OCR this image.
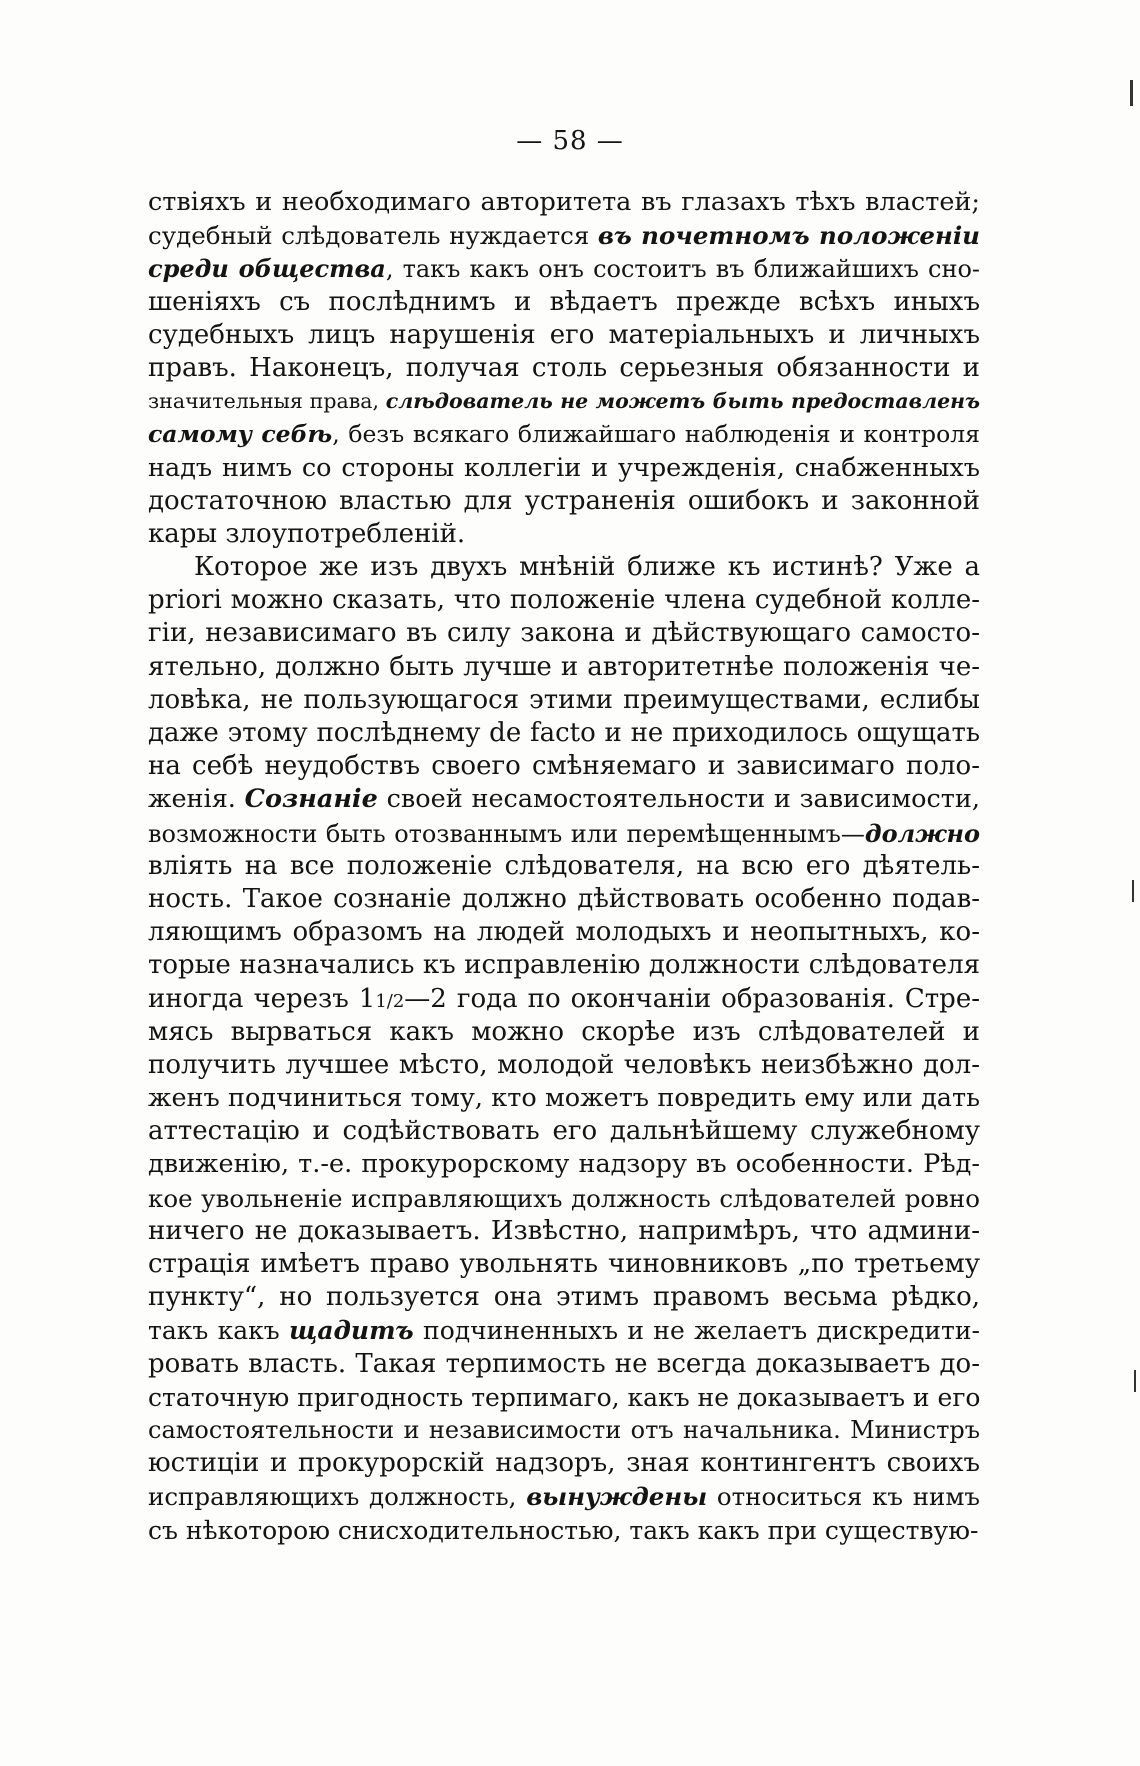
— 58 —
ствіяхъ и необходимаго авторитета въ глазахъ тѣхъ властей;
судебный слѣдователь нуждается въ почетномъ положеніи
среди общества, такъ какъ онъ состоитъ въ ближайшихъ сно-
шеніяхъ съ послѣднимъ и вѣдаетъ прежде всѣхъ иныхъ
судебныхъ лицъ нарушенія его матеріальныхъ и личныхъ
правъ. Наконецъ, получая столь серьезныя обязанности и
значительныя права, слѣдователь не можетъ быть предоставленъ
самому себѣ, безъ всякаго ближайшаго наблюденія и контроля
надъ нимъ со стороны коллегіи и учрежденія, снабженныхъ
достаточною властью для устраненія ошибокъ и законной
кары злоупотребленій.
Которое же изъ двухъ мнѣній ближе къ истинѣ? Уже a
priori можно сказать, что положеніе члена судебной колле-
гіи, независимаго въ силу закона и дѣйствующаго самосто-
ятельно, должно быть лучше и авторитетнѣе положенія че-
ловѣка, не пользующагося этими преимуществами, еслибы
даже этому послѣднему de facto и не приходилось ощущать
на себѣ неудобствъ своего смѣняемаго и зависимаго поло-
женія. Сознаніе своей несамостоятельности и зависимости,
возможности быть отозваннымъ или перемѣщеннымъ—должно
влiять на все положеніе слѣдователя, на всю его дѣятель-
ность. Такое сознаніе должно дѣйствовать особенно подав-
ляющимъ образомъ на людей молодыхъ и неопытныхъ, ко-
торые назначались къ исправленію должности слѣдователя
иногда черезъ 11/2—2 года по окончаніи образованія. Стре-
мясь вырваться какъ можно скорѣе изъ слѣдователей и
получить лучшее мѣсто, молодой человѣкъ неизбѣжно дол-
женъ подчиниться тому, кто можетъ повредить ему или дать
аттестацію и содѣйствовать его дальнѣйшему служебному
движенію, т.-е. прокурорскому надзору въ особенности. Рѣд-
кое увольненіе исправляющихъ должность слѣдователей ровно
ничего не доказываетъ. Извѣстно, напримѣръ, что админи-
страція имѣетъ право увольнять чиновниковъ „по третьему
пункту“, но пользуется она этимъ правомъ весьма рѣдко,
такъ какъ щадитъ подчиненныхъ и не желаетъ дискредити-
ровать власть. Такая терпимость не всегда доказываетъ до-
статочную пригодность терпимаго, какъ не доказываетъ и его
самостоятельности и независимости отъ начальника. Министръ
юстиціи и прокурорскій надзоръ, зная контингентъ своихъ
исправляющихъ должность, вынуждены относиться къ нимъ
съ нѣкоторою снисходительностью, такъ какъ при существую-
